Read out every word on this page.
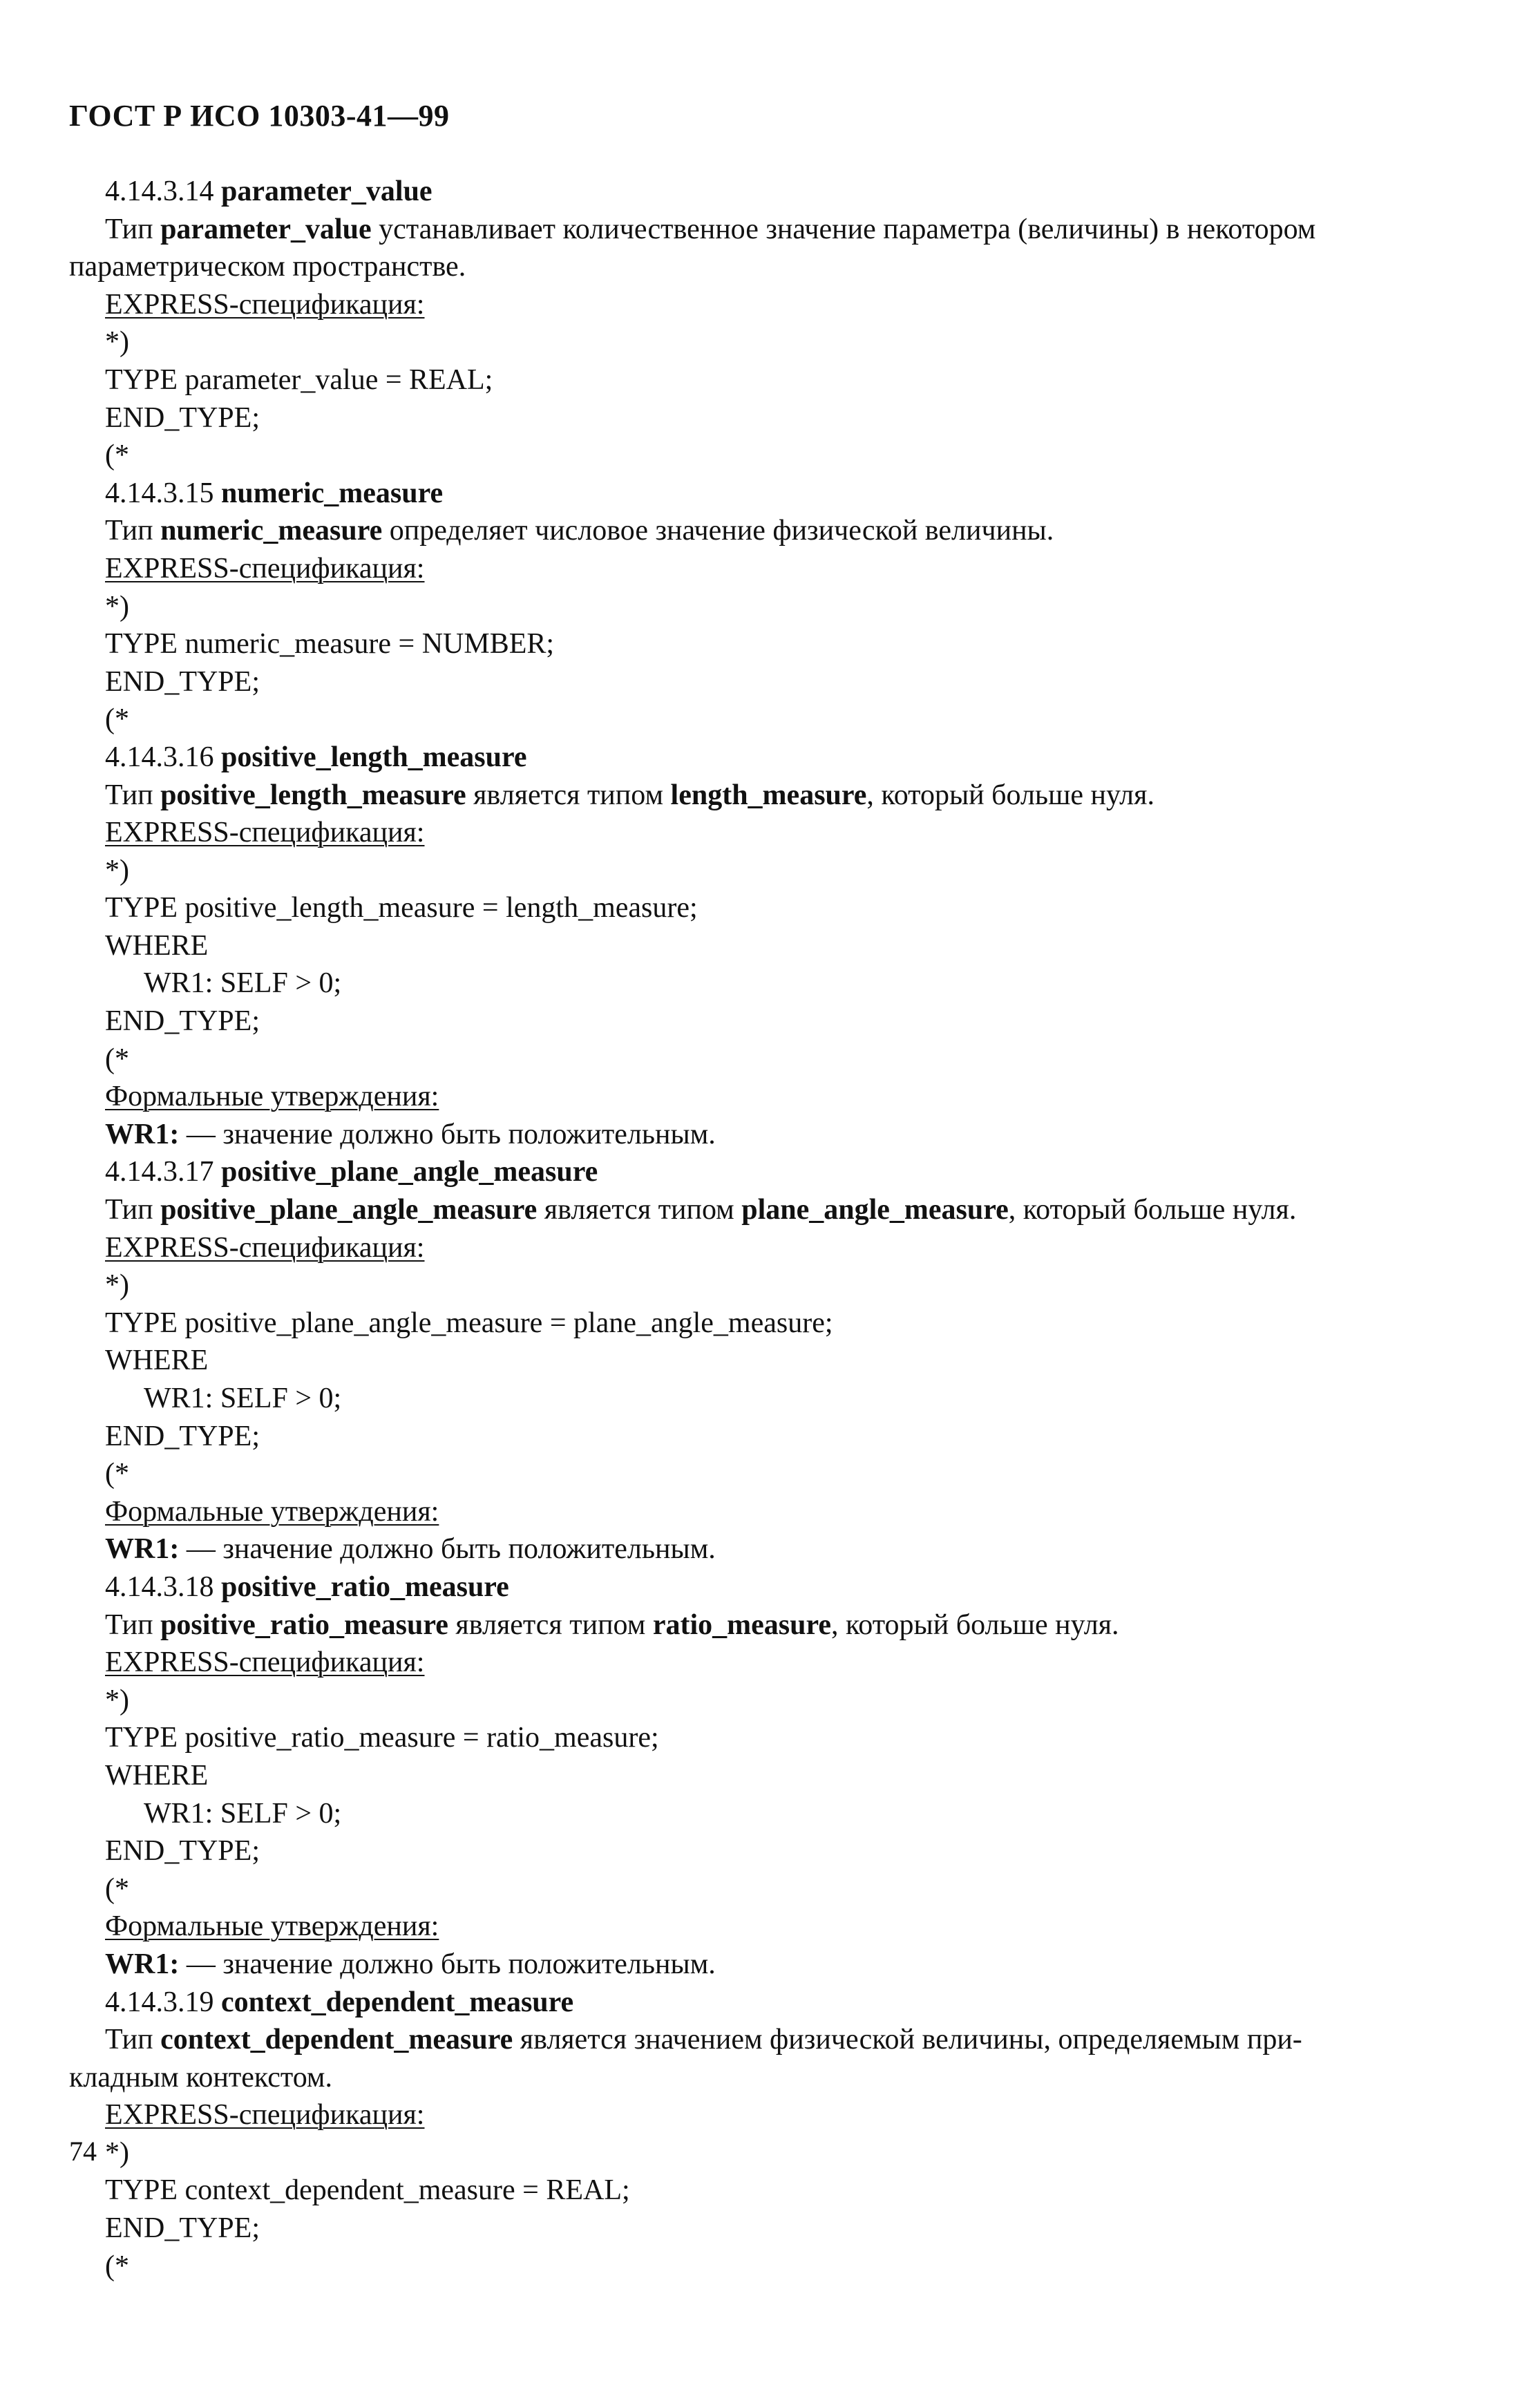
ГОСТ Р ИСО 10303-41—99
4.14.3.14 parameter_value
Тип parameter_value устанавливает количественное значение параметра (величины) в некотором
параметрическом пространстве.
EXPRESS-спецификация:
*)
TYPE parameter_value = REAL;
END_TYPE;
(*
4.14.3.15 numeric_measure
Тип numeric_measure определяет числовое значение физической величины.
EXPRESS-спецификация:
*)
TYPE numeric_measure = NUMBER;
END_TYPE;
(*
4.14.3.16 positive_length_measure
Тип positive_length_measure является типом length_measure, который больше нуля.
EXPRESS-спецификация:
*)
TYPE positive_length_measure = length_measure;
WHERE
WR1: SELF > 0;
END_TYPE;
(*
Формальные утверждения:
WR1: — значение должно быть положительным.
4.14.3.17 positive_plane_angle_measure
Тип positive_plane_angle_measure является типом plane_angle_measure, который больше нуля.
EXPRESS-спецификация:
*)
TYPE positive_plane_angle_measure = plane_angle_measure;
WHERE
WR1: SELF > 0;
END_TYPE;
(*
Формальные утверждения:
WR1: — значение должно быть положительным.
4.14.3.18 positive_ratio_measure
Тип positive_ratio_measure является типом ratio_measure, который больше нуля.
EXPRESS-спецификация:
*)
TYPE positive_ratio_measure = ratio_measure;
WHERE
WR1: SELF > 0;
END_TYPE;
(*
Формальные утверждения:
WR1: — значение должно быть положительным.
4.14.3.19 context_dependent_measure
Тип context_dependent_measure является значением физической величины, определяемым при-
кладным контекстом.
EXPRESS-спецификация:
*)
TYPE context_dependent_measure = REAL;
END_TYPE;
(*
74
